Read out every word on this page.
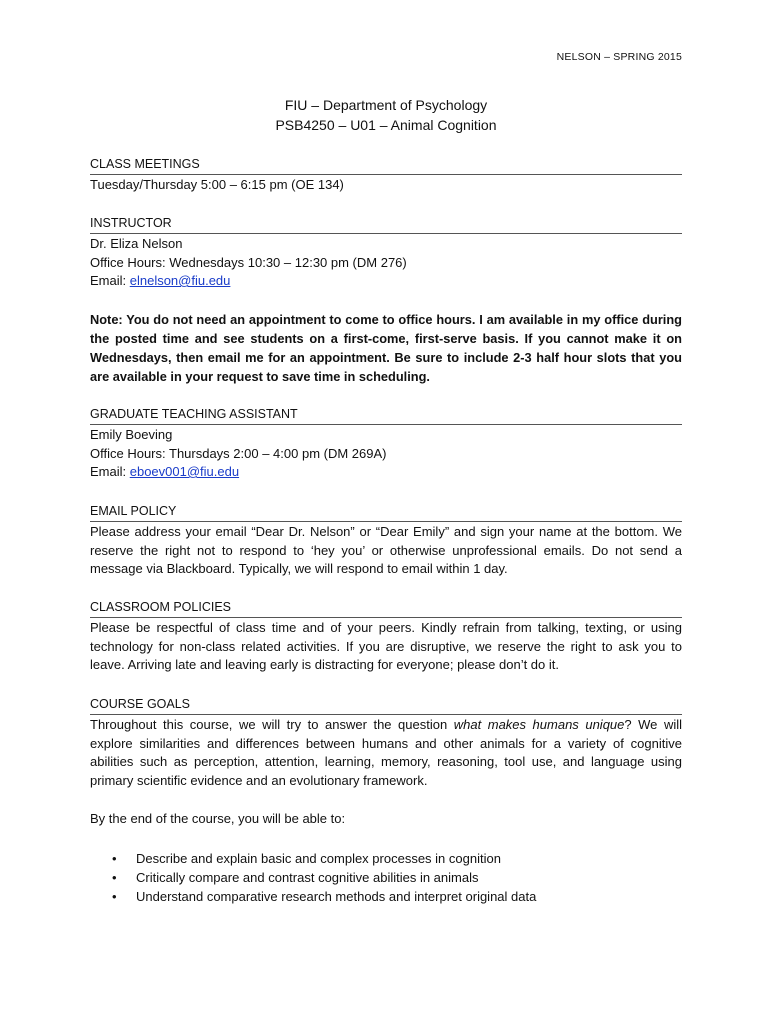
NELSON – SPRING 2015
FIU – Department of Psychology
PSB4250 – U01 – Animal Cognition
CLASS MEETINGS
Tuesday/Thursday 5:00 – 6:15 pm (OE 134)
INSTRUCTOR
Dr. Eliza Nelson
Office Hours: Wednesdays 10:30 – 12:30 pm (DM 276)
Email: elnelson@fiu.edu
Note: You do not need an appointment to come to office hours. I am available in my office during the posted time and see students on a first-come, first-serve basis. If you cannot make it on Wednesdays, then email me for an appointment. Be sure to include 2-3 half hour slots that you are available in your request to save time in scheduling.
GRADUATE TEACHING ASSISTANT
Emily Boeving
Office Hours: Thursdays 2:00 – 4:00 pm (DM 269A)
Email: eboev001@fiu.edu
EMAIL POLICY
Please address your email “Dear Dr. Nelson” or “Dear Emily” and sign your name at the bottom. We reserve the right not to respond to ‘hey you’ or otherwise unprofessional emails. Do not send a message via Blackboard. Typically, we will respond to email within 1 day.
CLASSROOM POLICIES
Please be respectful of class time and of your peers. Kindly refrain from talking, texting, or using technology for non-class related activities. If you are disruptive, we reserve the right to ask you to leave. Arriving late and leaving early is distracting for everyone; please don’t do it.
COURSE GOALS
Throughout this course, we will try to answer the question what makes humans unique? We will explore similarities and differences between humans and other animals for a variety of cognitive abilities such as perception, attention, learning, memory, reasoning, tool use, and language using primary scientific evidence and an evolutionary framework.
By the end of the course, you will be able to:
• Describe and explain basic and complex processes in cognition
• Critically compare and contrast cognitive abilities in animals
• Understand comparative research methods and interpret original data
